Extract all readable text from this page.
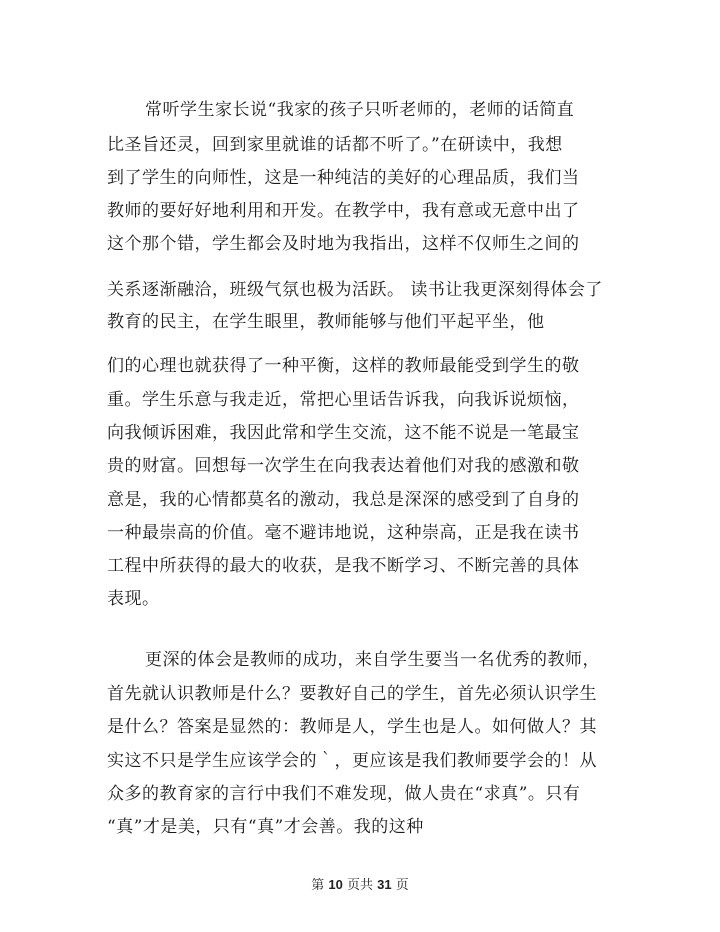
常听学生家长说“我家的孩子只听老师的，老师的话简直
比圣旨还灵，回到家里就谁的话都不听了。”在研读中，我想
到了学生的向师性，这是一种纯洁的美好的心理品质，我们当
教师的要好好地利用和开发。在教学中，我有意或无意中出了
这个那个错，学生都会及时地为我指出，这样不仅师生之间的
关系逐渐融洽，班级气氛也极为活跃。 读书让我更深刻得体会了
教育的民主，在学生眼里，教师能够与他们平起平坐，他
们的心理也就获得了一种平衡，这样的教师最能受到学生的敬
重。学生乐意与我走近，常把心里话告诉我，向我诉说烦恼，
向我倾诉困难，我因此常和学生交流，这不能不说是一笔最宝
贵的财富。回想每一次学生在向我表达着他们对我的感激和敬
意是，我的心情都莫名的激动，我总是深深的感受到了自身的
一种最崇高的价值。毫不避讳地说，这种崇高，正是我在读书
工程中所获得的最大的收获，是我不断学习、不断完善的具体
表现。
更深的体会是教师的成功，来自学生要当一名优秀的教师，
首先就认识教师是什么？要教好自己的学生，首先必须认识学生
是什么？答案是显然的：教师是人，学生也是人。如何做人？其
实这不只是学生应该学会的｀，更应该是我们教师要学会的！从
众多的教育家的言行中我们不难发现，做人贵在“求真”。只有
“真”才是美，只有“真”才会善。我的这种
第 10 页共 31 页
